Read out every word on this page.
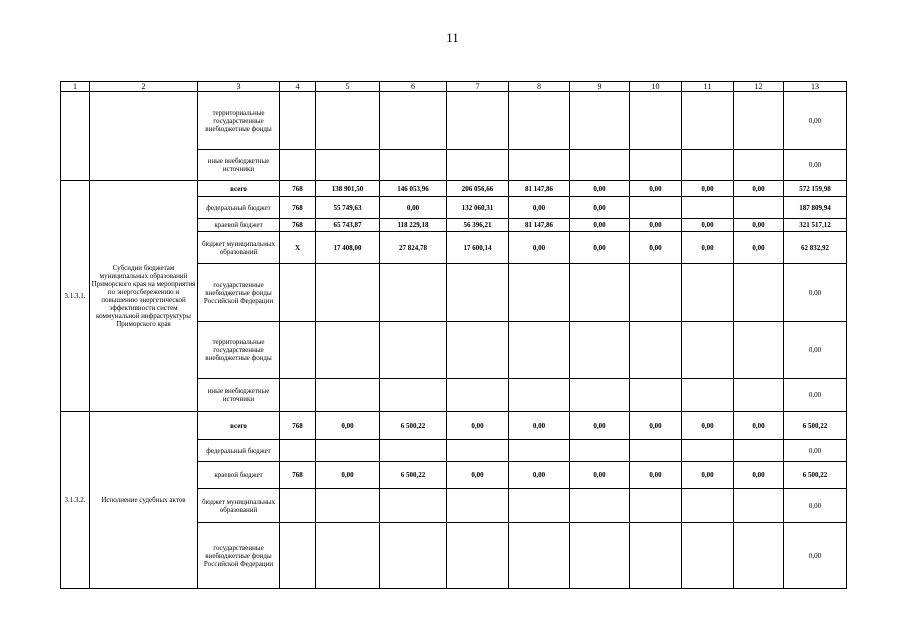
11
1	2	3	4	5	6	7	8	9	10	11	12	13
		территориальные государственные внебюджетные фонды										0,00
		иные внебюджетные источники										0,00
3.1.3.1.	Субсидии бюджетам муниципальных образований Приморского края на мероприятия по энергосбережению и повышению энергетической эффективности систем коммунальной инфраструктуры Приморского края	всего	768	138 901,50	146 053,96	206 056,66	81 147,86	0,00	0,00	0,00	0,00	572 159,98
		федеральный бюджет	768	55 749,63	0,00	132 060,31	0,00	0,00				187 809,94
		краевой бюджет	768	65 743,87	118 229,18	56 396,21	81 147,86	0,00	0,00	0,00	0,00	321 517,12
		бюджет муниципальных образований	X	17 408,00	27 824,78	17 600,14	0,00	0,00	0,00	0,00	0,00	62 832,92
		государственные внебюджетные фонды Российской Федерации										0,00
		территориальные государственные внебюджетные фонды										0,00
		иные внебюджетные источники										0,00
3.1.3.2.	Исполнение судебных актов	всего	768	0,00	6 500,22	0,00	0,00	0,00	0,00	0,00	0,00	6 500,22
		федеральный бюджет										0,00
		краевой бюджет	768	0,00	6 500,22	0,00	0,00	0,00	0,00	0,00	0,00	6 500,22
		бюджет муниципальных образований										0,00
		государственные внебюджетные фонды Российской Федерации										0,00
